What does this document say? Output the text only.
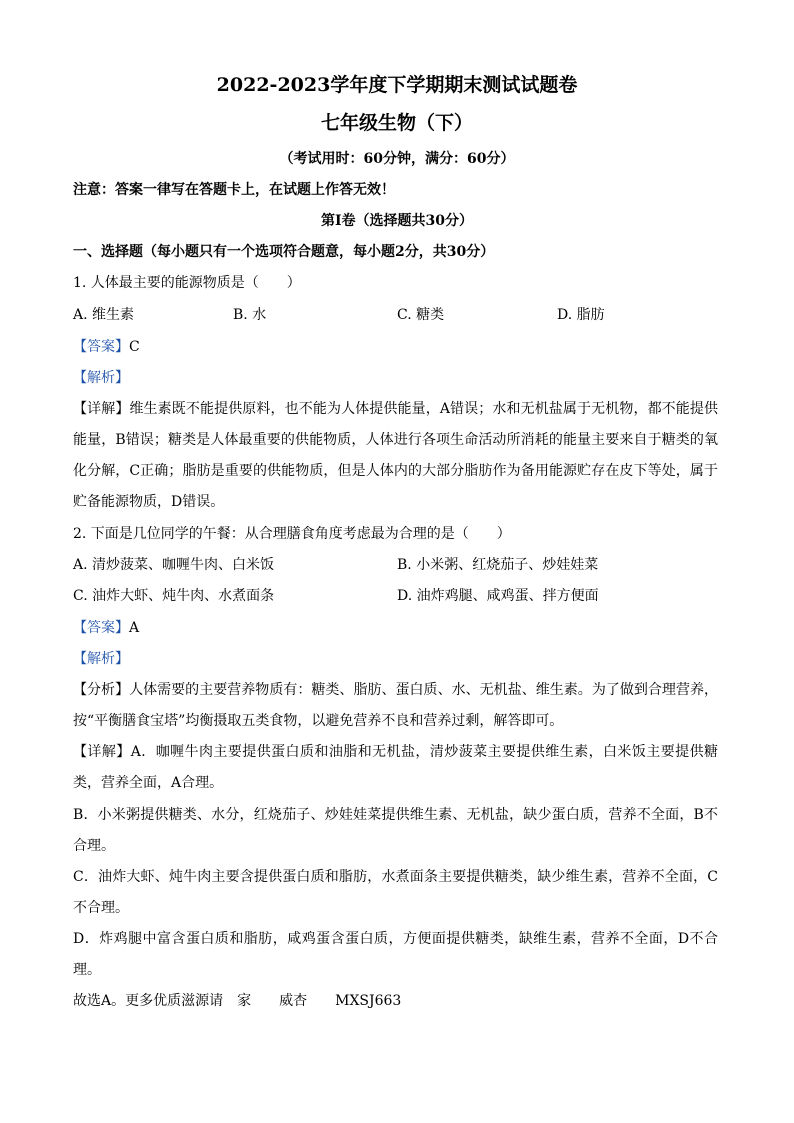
2022-2023学年度下学期期末测试试题卷
七年级生物（下）
（考试用时：60分钟，满分：60分）
注意：答案一律写在答题卡上，在试题上作答无效！
第Ⅰ卷（选择题共30分）
一、选择题（每小题只有一个选项符合题意，每小题2分，共30分）
1. 人体最主要的能源物质是（　　）
A. 维生素	B. 水	C. 糖类	D. 脂肪
【答案】C
【解析】
【详解】维生素既不能提供原料，也不能为人体提供能量，A错误；水和无机盐属于无机物，都不能提供
能量，B错误；糖类是人体最重要的供能物质，人体进行各项生命活动所消耗的能量主要来自于糖类的氧
化分解，C正确；脂肪是重要的供能物质，但是人体内的大部分脂肪作为备用能源贮存在皮下等处，属于
贮备能源物质，D错误。
2. 下面是几位同学的午餐：从合理膳食角度考虑最为合理的是（　　）
A. 清炒菠菜、咖喱牛肉、白米饭	B. 小米粥、红烧茄子、炒娃娃菜
C. 油炸大虾、炖牛肉、水煮面条	D. 油炸鸡腿、咸鸡蛋、拌方便面
【答案】A
【解析】
【分析】人体需要的主要营养物质有：糖类、脂肪、蛋白质、水、无机盐、维生素。为了做到合理营养，
按“平衡膳食宝塔”均衡摄取五类食物，以避免营养不良和营养过剩，解答即可。
【详解】A．咖喱牛肉主要提供蛋白质和油脂和无机盐，清炒菠菜主要提供维生素，白米饭主要提供糖
类，营养全面，A合理。
B．小米粥提供糖类、水分，红烧茄子、炒娃娃菜提供维生素、无机盐，缺少蛋白质，营养不全面，B不
合理。
C．油炸大虾、炖牛肉主要含提供蛋白质和脂肪，水煮面条主要提供糖类，缺少维生素，营养不全面，C
不合理。
D．炸鸡腿中富含蛋白质和脂肪，咸鸡蛋含蛋白质，方便面提供糖类，缺维生素，营养不全面，D不合
理。
故选A。更多优质滋源请　家　　威杏　　MXSJ663
